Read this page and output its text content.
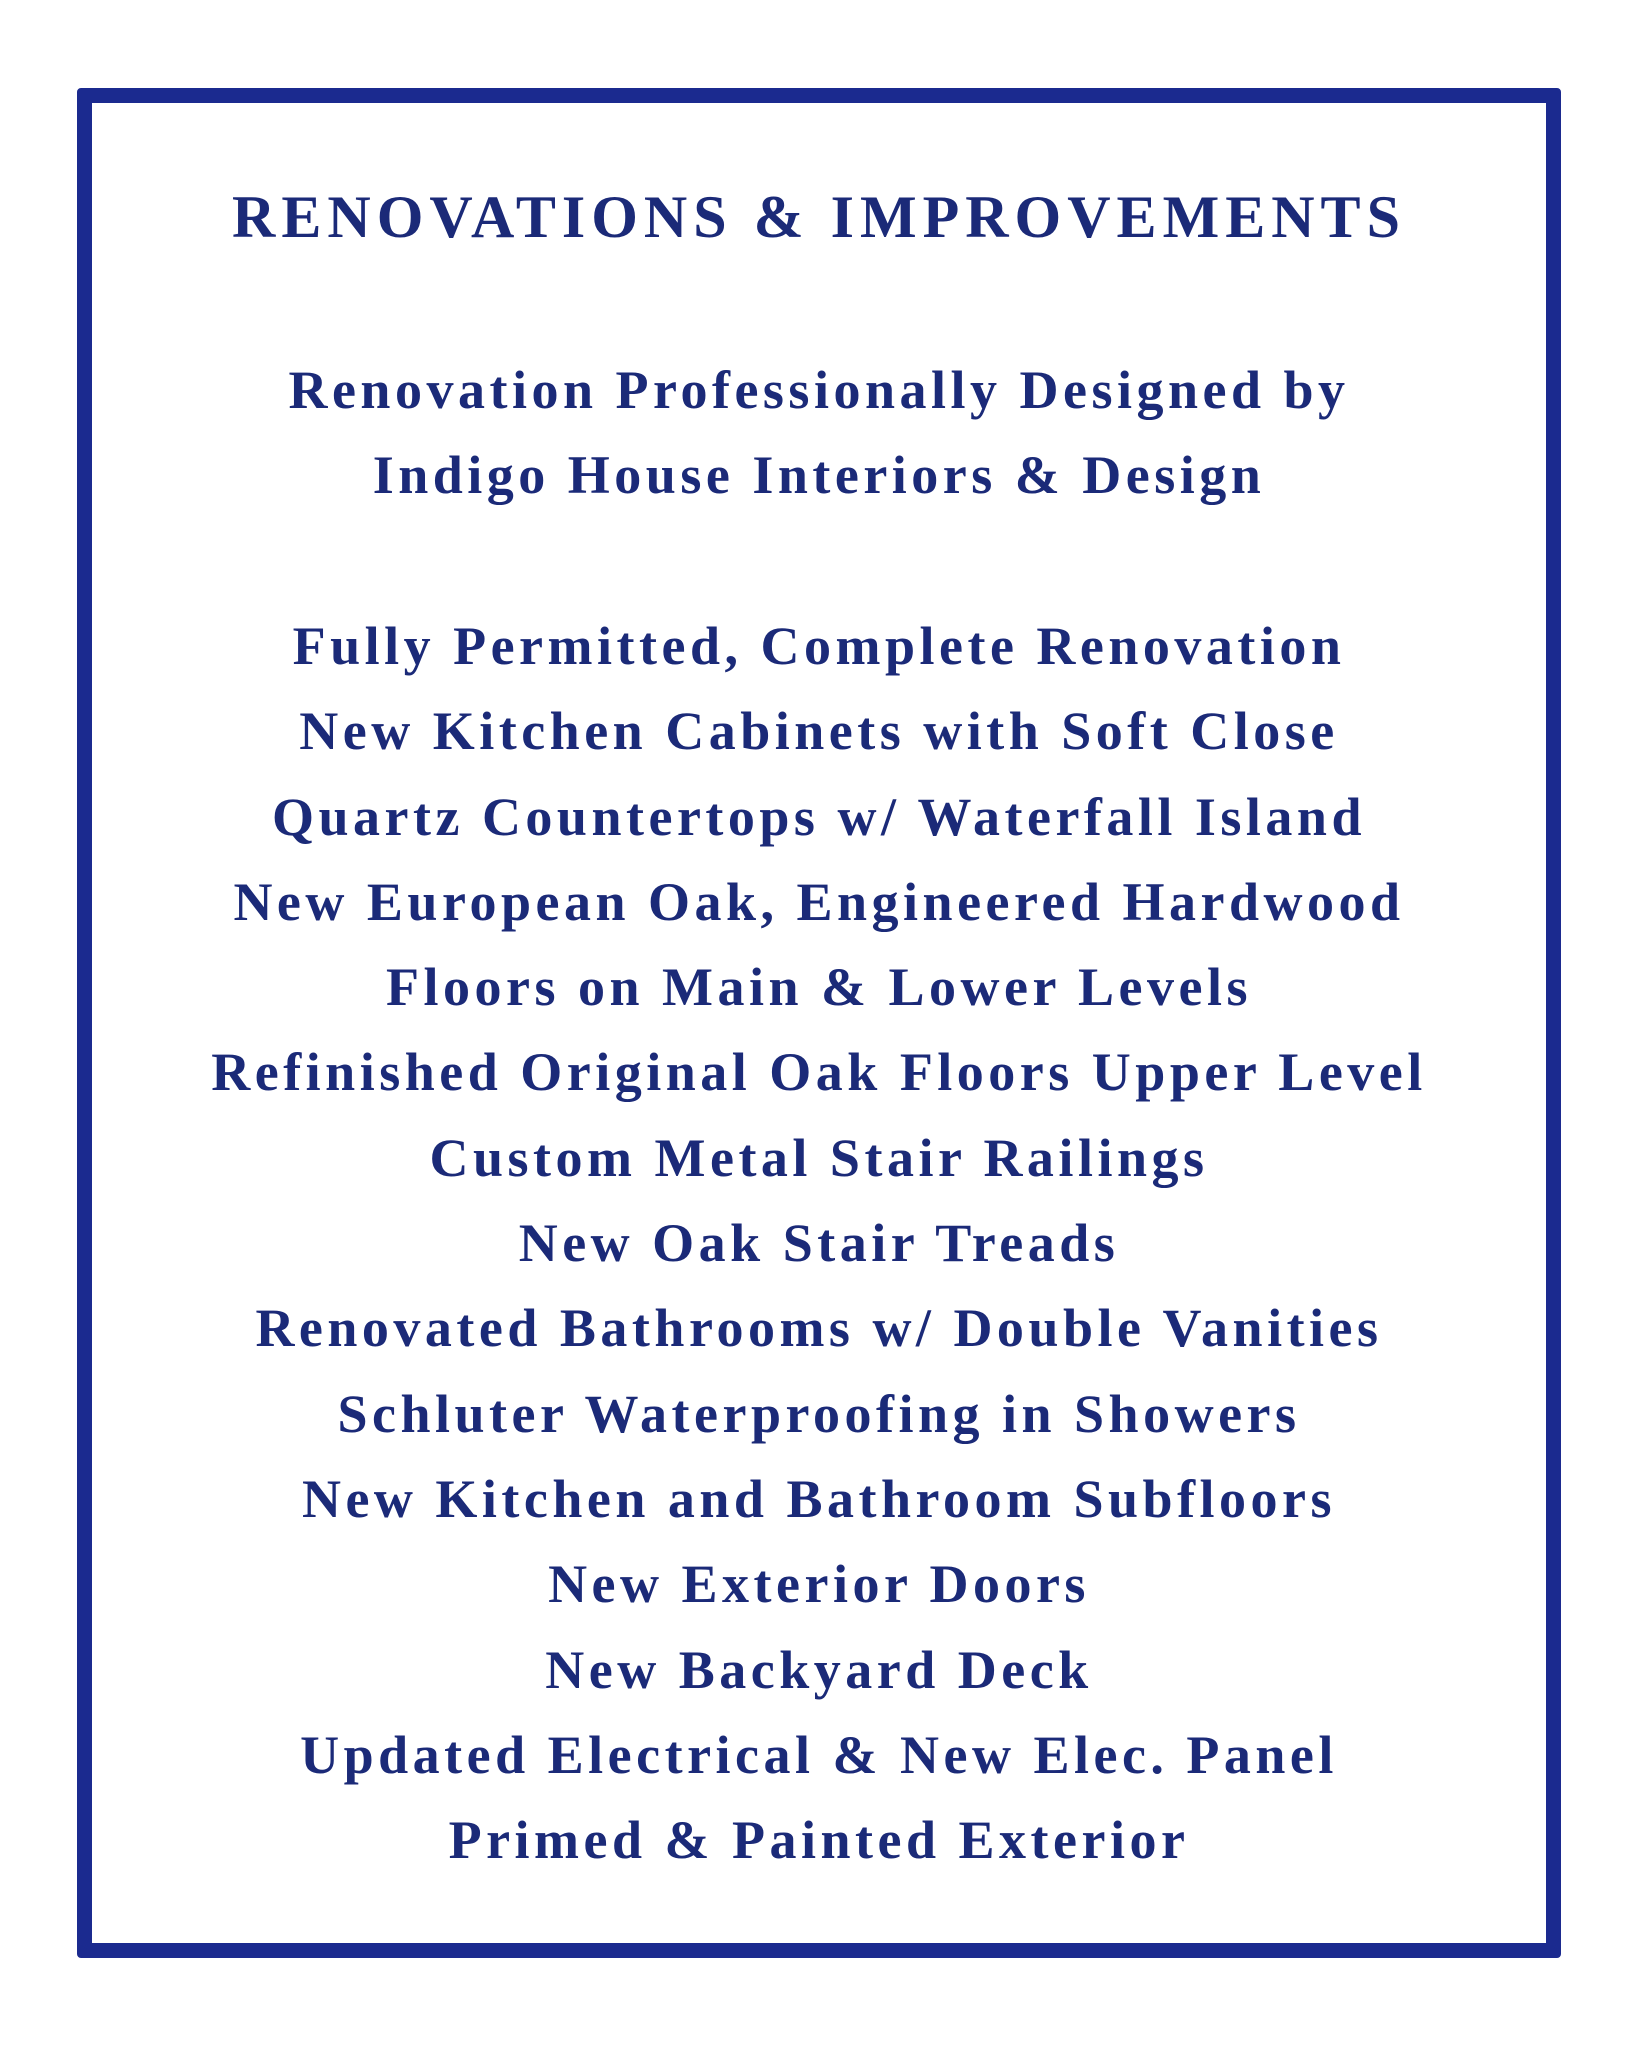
RENOVATIONS & IMPROVEMENTS
Renovation Professionally Designed by
Indigo House Interiors & Design
Fully Permitted, Complete Renovation
New Kitchen Cabinets with Soft Close
Quartz Countertops w/ Waterfall Island
New European Oak, Engineered Hardwood
Floors on Main & Lower Levels
Refinished Original Oak Floors Upper Level
Custom Metal Stair Railings
New Oak Stair Treads
Renovated Bathrooms w/ Double Vanities
Schluter Waterproofing in Showers
New Kitchen and Bathroom Subfloors
New Exterior Doors
New Backyard Deck
Updated Electrical & New Elec. Panel
Primed & Painted Exterior
